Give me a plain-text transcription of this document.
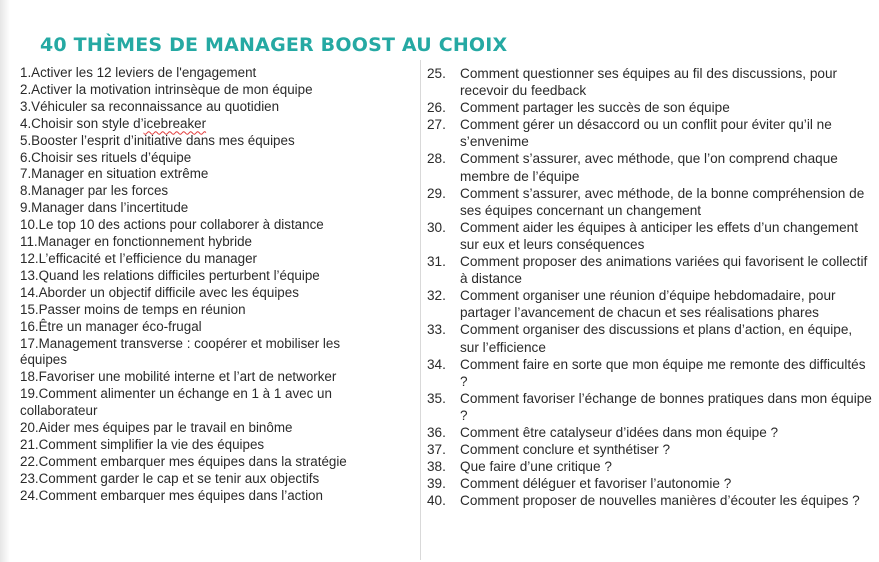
40 THÈMES DE MANAGER BOOST AU CHOIX
1.Activer les 12 leviers de l'engagement
2.Activer la motivation intrinsèque de mon équipe
3.Véhiculer sa reconnaissance au quotidien
4.Choisir son style d’icebreaker
5.Booster l’esprit d’initiative dans mes équipes
6.Choisir ses rituels d’équipe
7.Manager en situation extrême
8.Manager par les forces
9.Manager dans l’incertitude
10.Le top 10 des actions pour collaborer à distance
11.Manager en fonctionnement hybride
12.L’efficacité et l’efficience du manager
13.Quand les relations difficiles perturbent l’équipe
14.Aborder un objectif difficile avec les équipes
15.Passer moins de temps en réunion
16.Être un manager éco-frugal
17.Management transverse : coopérer et mobiliser les équipes
18.Favoriser une mobilité interne et l’art de networker
19.Comment alimenter un échange en 1 à 1 avec un collaborateur
20.Aider mes équipes par le travail en binôme
21.Comment simplifier la vie des équipes
22.Comment embarquer mes équipes dans la stratégie
23.Comment garder le cap et se tenir aux objectifs
24.Comment embarquer mes équipes dans l’action
25.	Comment questionner ses équipes au fil des discussions, pour recevoir du feedback
26.	Comment partager les succès de son équipe
27.	Comment gérer un désaccord ou un conflit pour éviter qu’il ne s’envenime
28.	Comment s’assurer, avec méthode, que l’on comprend chaque membre de l’équipe
29.	Comment s’assurer, avec méthode, de la bonne compréhension de ses équipes concernant un changement
30.	Comment aider les équipes à anticiper les effets d’un changement sur eux et leurs conséquences
31.	Comment proposer des animations variées qui favorisent le collectif à distance
32.	Comment organiser une réunion d’équipe hebdomadaire, pour partager l’avancement de chacun et ses réalisations phares
33.	Comment organiser des discussions et plans d’action, en équipe, sur l’efficience
34.	Comment faire en sorte que mon équipe me remonte des difficultés ?
35.	Comment favoriser l’échange de bonnes pratiques dans mon équipe ?
36.	Comment être catalyseur d’idées dans mon équipe ?
37.	Comment conclure et synthétiser ?
38.	Que faire d’une critique ?
39.	Comment déléguer et favoriser l’autonomie ?
40.	Comment proposer de nouvelles manières d’écouter les équipes ?
